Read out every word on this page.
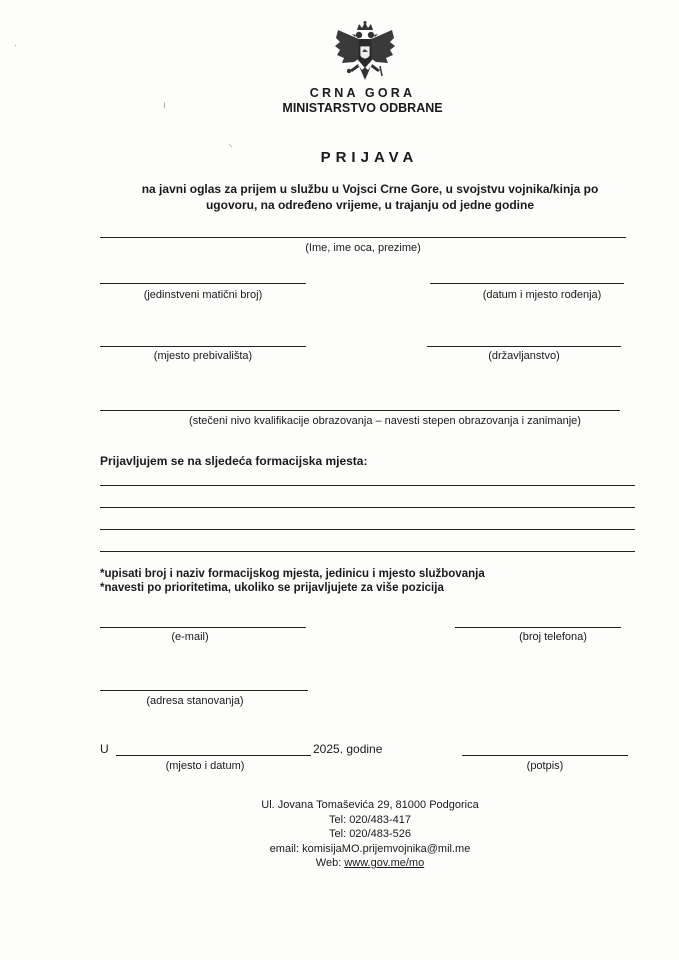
CRNA GORA
MINISTARSTVO ODBRANE
PRIJAVA
na javni oglas za prijem u službu u Vojsci Crne Gore, u svojstvu vojnika/kinja po
ugovoru, na određeno vrijeme, u trajanju od jedne godine
(Ime, ime oca, prezime)
(jedinstveni matični broj)	(datum i mjesto rođenja)
(mjesto prebivališta)	(državljanstvo)
(stečeni nivo kvalifikacije obrazovanja – navesti stepen obrazovanja i zanimanje)
Prijavljujem se na sljedeća formacijska mjesta:
*upisati broj i naziv formacijskog mjesta, jedinicu i mjesto službovanja
*navesti po prioritetima, ukoliko se prijavljujete za više pozicija
(e-mail)	(broj telefona)
(adresa stanovanja)
U	2025. godine
(mjesto i datum)	(potpis)
Ul. Jovana Tomaševića 29, 81000 Podgorica
Tel: 020/483-417
Tel: 020/483-526
email: komisijaMO.prijemvojnika@mil.me
Web: www.gov.me/mo
ı
⸌
·
